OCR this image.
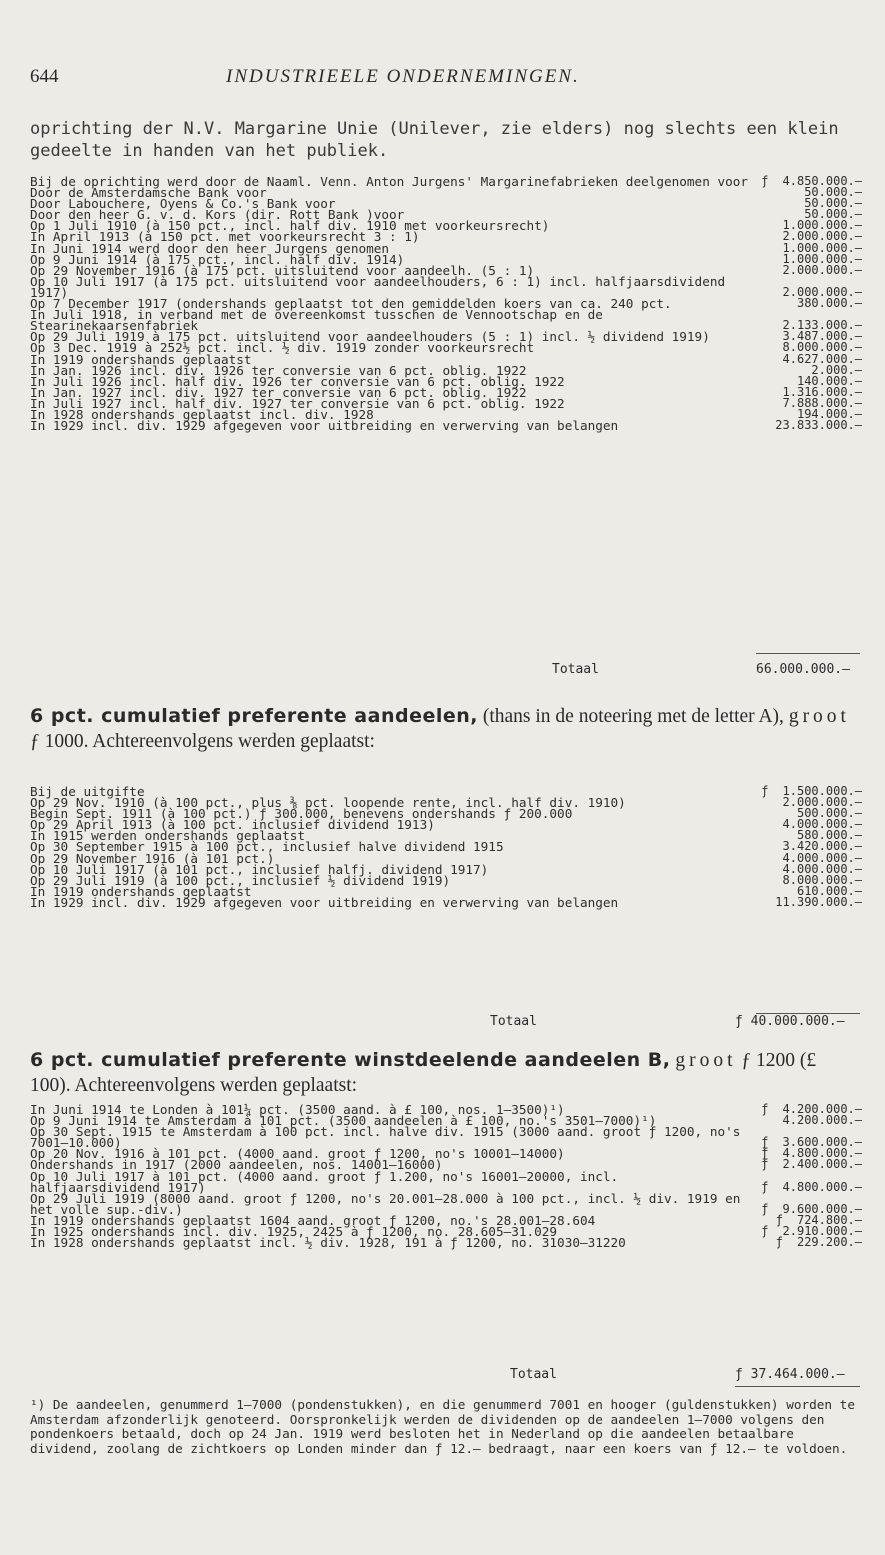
644	INDUSTRIEELE ONDERNEMINGEN.
oprichting der N.V. Margarine Unie (Unilever, zie elders) nog slechts een klein gedeelte in handen van het publiek.
Bij de oprichting werd door de Naaml. Venn. Anton Jurgens' Margarinefabrieken deelgenomen voor	ƒ 4.850.000.—
Door de Amsterdamsche Bank voor	50.000.—
Door Labouchere, Oyens & Co.'s Bank voor	50.000.—
Door den heer G. v. d. Kors (dir. Rott Bank )voor	50.000.—
Op 1 Juli 1910 (à 150 pct., incl. half div. 1910 met voorkeursrecht)	1.000.000.—
In April 1913 (à 150 pct. met voorkeursrecht 3 : 1)	2.000.000.—
In Juni 1914 werd door den heer Jurgens genomen	1.000.000.—
Op 9 Juni 1914 (à 175 pct., incl. half div. 1914)	1.000.000.—
Op 29 November 1916 (à 175 pct. uitsluitend voor aandeelh. (5 : 1)	2.000.000.—
Op 10 Juli 1917 (à 175 pct. uitsluitend voor aandeelhouders, 6 : 1) incl. halfjaarsdividend 1917)	2.000.000.—
Op 7 December 1917 (ondershands geplaatst tot den gemiddelden koers van ca. 240 pct.	380.000.—
In Juli 1918, in verband met de overeenkomst tusschen de Vennootschap en de Stearinekaarsenfabriek	2.133.000.—
Op 29 Juli 1919 à 175 pct. uitsluitend voor aandeelhouders (5 : 1) incl. ½ dividend 1919)	3.487.000.—
Op 3 Dec. 1919 à 252½ pct. incl. ½ div. 1919 zonder voorkeursrecht	8.000.000.—
In 1919 ondershands geplaatst	4.627.000.—
In Jan. 1926 incl. div. 1926 ter conversie van 6 pct. oblig. 1922	2.000.—
In Juli 1926 incl. half div. 1926 ter conversie van 6 pct. oblig. 1922	140.000.—
In Jan. 1927 incl. div. 1927 ter conversie van 6 pct. oblig. 1922	1.316.000.—
In Juli 1927 incl. half div. 1927 ter conversie van 6 pct. oblig. 1922	7.888.000.—
In 1928 ondershands geplaatst incl. div. 1928	194.000.—
In 1929 incl. div. 1929 afgegeven voor uitbreiding en verwerving van belangen	23.833.000.—
Totaal	66.000.000.—
6 pct. cumulatief preferente aandeelen, (thans in de noteering met de letter A), groot ƒ 1000. Achtereenvolgens werden geplaatst:
Bij de uitgifte	ƒ 1.500.000.—
Op 29 Nov. 1910 (à 100 pct., plus ⅜ pct. loopende rente, incl. half div. 1910)	2.000.000.—
Begin Sept. 1911 (à 100 pct.) ƒ 300.000, benevens ondershands ƒ 200.000	500.000.—
Op 29 April 1913 (à 100 pct. inclusief dividend 1913)	4.000.000.—
In 1915 werden ondershands geplaatst	580.000.—
Op 30 September 1915 à 100 pct., inclusief halve dividend 1915	3.420.000.—
Op 29 November 1916 (à 101 pct.)	4.000.000.—
Op 10 Juli 1917 (à 101 pct., inclusief halfj. dividend 1917)	4.000.000.—
Op 29 Juli 1919 (à 100 pct., inclusief ½ dividend 1919)	8.000.000.—
In 1919 ondershands geplaatst	610.000.—
In 1929 incl. div. 1929 afgegeven voor uitbreiding en verwerving van belangen	11.390.000.—
Totaal	ƒ 40.000.000.—
6 pct. cumulatief preferente winstdeelende aandeelen B, groot ƒ 1200 (£ 100). Achtereenvolgens werden geplaatst:
In Juni 1914 te Londen à 101¼ pct. (3500 aand. à £ 100, nos. 1—3500)¹)	ƒ 4.200.000.—
Op 9 Juni 1914 te Amsterdam à 101 pct. (3500 aandeelen à £ 100, no.'s 3501—7000)¹)	4.200.000.—
Op 30 Sept. 1915 te Amsterdam à 100 pct. incl. halve div. 1915 (3000 aand. groot ƒ 1200, no's 7001—10.000)	ƒ 3.600.000.—
Op 20 Nov. 1916 à 101 pct. (4000 aand. groot ƒ 1200, no's 10001—14000)	ƒ 4.800.000.—
Ondershands in 1917 (2000 aandeelen, nos. 14001—16000)	ƒ 2.400.000.—
Op 10 Juli 1917 à 101 pct. (4000 aand. groot ƒ 1.200, no's 16001—20000, incl. halfjaarsdividend 1917)	ƒ 4.800.000.—
Op 29 Juli 1919 (8000 aand. groot ƒ 1200, no's 20.001—28.000 à 100 pct., incl. ½ div. 1919 en het volle sup.-div.)	ƒ 9.600.000.—
In 1919 ondershands geplaatst 1604 aand. groot ƒ 1200, no.'s 28.001—28.604	ƒ 724.800.—
In 1925 ondershands incl. div. 1925, 2425 à ƒ 1200, no. 28.605—31.029	ƒ 2.910.000.—
In 1928 ondershands geplaatst incl. ½ div. 1928, 191 à ƒ 1200, no. 31030—31220	ƒ 229.200.—
Totaal	ƒ 37.464.000.—
¹) De aandeelen, genummerd 1—7000 (pondenstukken), en die genummerd 7001 en hooger (guldenstukken) worden te Amsterdam afzonderlijk genoteerd. Oorspronkelijk werden de dividenden op de aandeelen 1—7000 volgens den pondenkoers betaald, doch op 24 Jan. 1919 werd besloten het in Nederland op die aandeelen betaalbare dividend, zoolang de zichtkoers op Londen minder dan ƒ 12.— bedraagt, naar een koers van ƒ 12.— te voldoen.
